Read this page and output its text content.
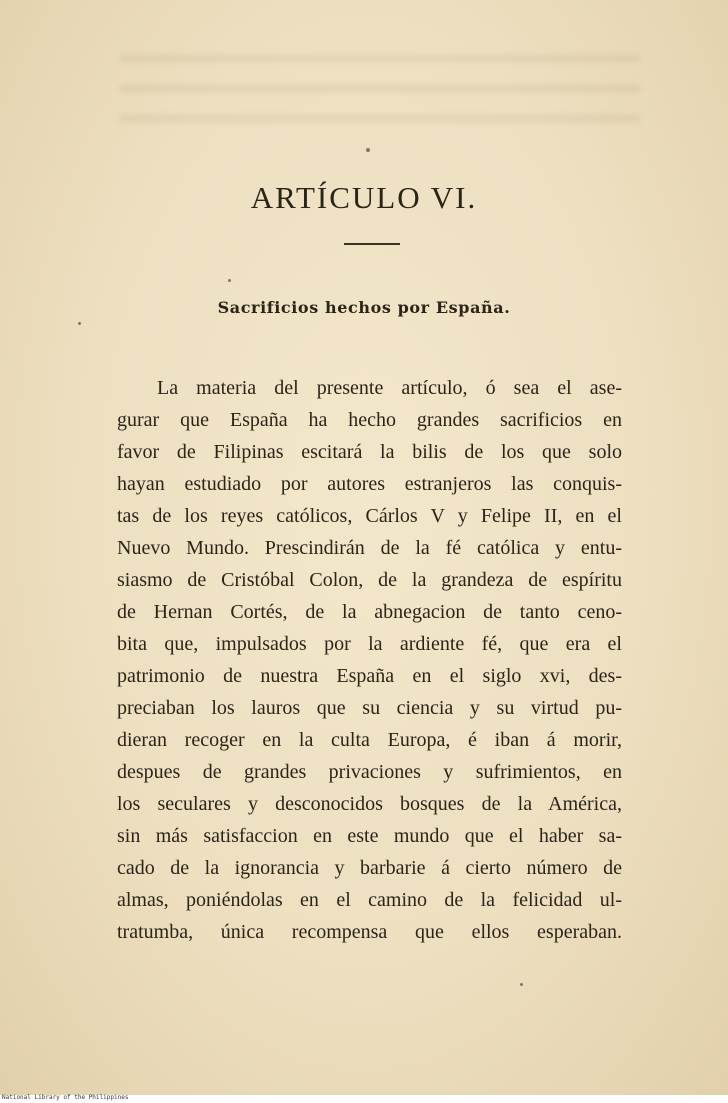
ARTÍCULO VI.
Sacrificios hechos por España.
La materia del presente artículo, ó sea el ase-
gurar que España ha hecho grandes sacrificios en
favor de Filipinas escitará la bilis de los que solo
hayan estudiado por autores estranjeros las conquis-
tas de los reyes católicos, Cárlos V y Felipe II, en el
Nuevo Mundo. Prescindirán de la fé católica y entu-
siasmo de Cristóbal Colon, de la grandeza de espíritu
de Hernan Cortés, de la abnegacion de tanto ceno-
bita que, impulsados por la ardiente fé, que era el
patrimonio de nuestra España en el siglo xvi, des-
preciaban los lauros que su ciencia y su virtud pu-
dieran recoger en la culta Europa, é iban á morir,
despues de grandes privaciones y sufrimientos, en
los seculares y desconocidos bosques de la América,
sin más satisfaccion en este mundo que el haber sa-
cado de la ignorancia y barbarie á cierto número de
almas, poniéndolas en el camino de la felicidad ul-
tratumba, única recompensa que ellos esperaban.
National Library of the Philippines
